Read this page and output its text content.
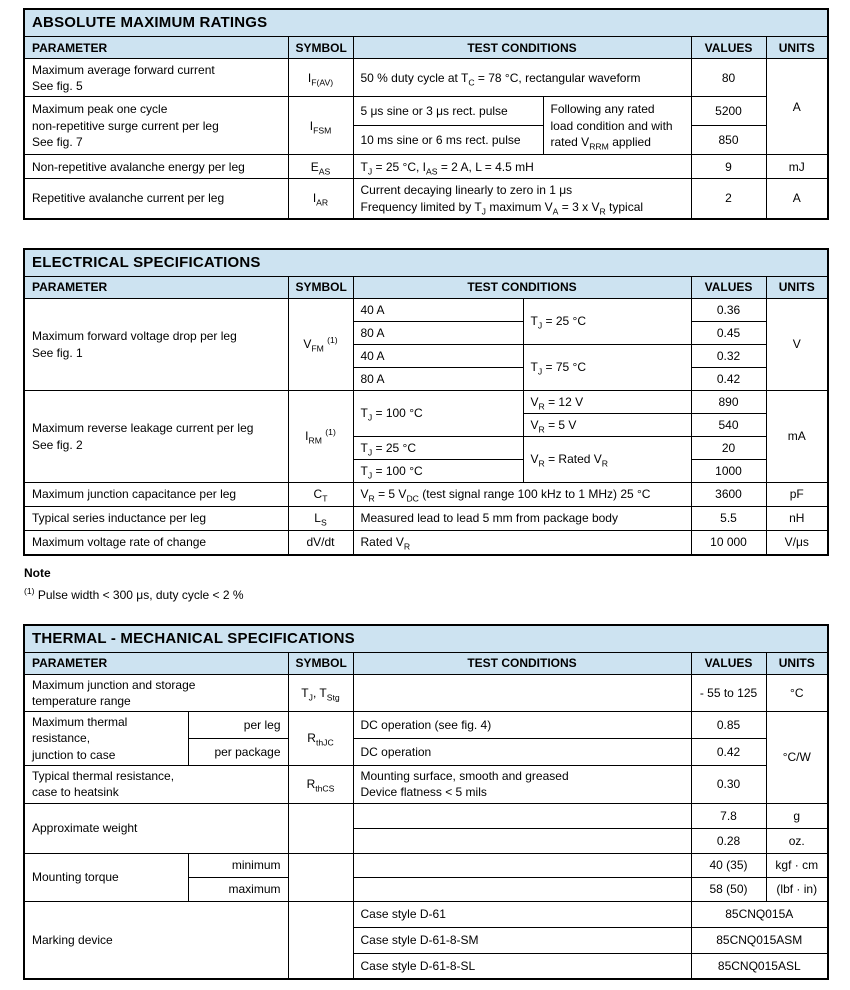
ABSOLUTE MAXIMUM RATINGS					
PARAMETER	SYMBOL	TEST CONDITIONS		VALUES	UNITS
Maximum average forward current
See fig. 5	$I_{F(AV)}$	50 % duty cycle at $T_C = 78$ °C, rectangular waveform		80	A
Maximum peak one cycle
non-repetitive surge current per leg
See fig. 7	$I_{FSM}$	5 μs sine or 3 μs rect. pulse	Following any rated
load condition and with
rated $V_{RRM}$ applied	5200	
		10 ms sine or 6 ms rect. pulse		850	
Non-repetitive avalanche energy per leg	$E_{AS}$	$T_J = 25$ °C, $I_{AS} = 2$ A, L = 4.5 mH		9	mJ
Repetitive avalanche current per leg	$I_{AR}$	Current decaying linearly to zero in 1 μs
Frequency limited by $T_J$ maximum $V_A = 3$ x $V_R$ typical		2	A
ELECTRICAL SPECIFICATIONS					
PARAMETER	SYMBOL	TEST CONDITIONS		VALUES	UNITS
Maximum forward voltage drop per leg
See fig. 1	$V_{FM}$ $^{(1)}$	40 A	$T_J = 25$ °C	0.36	V
		80 A		0.45	
		40 A	$T_J = 75$ °C	0.32	
		80 A		0.42	
Maximum reverse leakage current per leg
See fig. 2	$I_{RM}$ $^{(1)}$	$T_J = 100$ °C	$V_R = 12$ V	890	mA
			$V_R = 5$ V	540	
		$T_J = 25$ °C	$V_R$ = Rated $V_R$	20	
		$T_J = 100$ °C		1000	
Maximum junction capacitance per leg	$C_T$	$V_R = 5$ $V_{DC}$ (test signal range 100 kHz to 1 MHz) 25 °C		3600	pF
Typical series inductance per leg	$L_S$	Measured lead to lead 5 mm from package body		5.5	nH
Maximum voltage rate of change	dV/dt	Rated $V_R$		10 000	V/μs
Note
$^{(1)}$ Pulse width < 300 μs, duty cycle < 2 %
THERMAL - MECHANICAL SPECIFICATIONS					
PARAMETER		SYMBOL	TEST CONDITIONS	VALUES	UNITS
Maximum junction and storage
temperature range		$T_J$, $T_{Stg}$		- 55 to 125	°C
Maximum thermal resistance,
junction to case	per leg	$R_{thJC}$	DC operation (see fig. 4)	0.85	°C/W
	per package		DC operation	0.42	
Typical thermal resistance,
case to heatsink		$R_{thCS}$	Mounting surface, smooth and greased
Device flatness < 5 mils	0.30	
Approximate weight				7.8	g
				0.28	oz.
Mounting torque	minimum			40 (35)	kgf · cm
	maximum			58 (50)	(lbf · in)
Marking device			Case style D-61	85CNQ015A	
			Case style D-61-8-SM	85CNQ015ASM	
			Case style D-61-8-SL	85CNQ015ASL	
